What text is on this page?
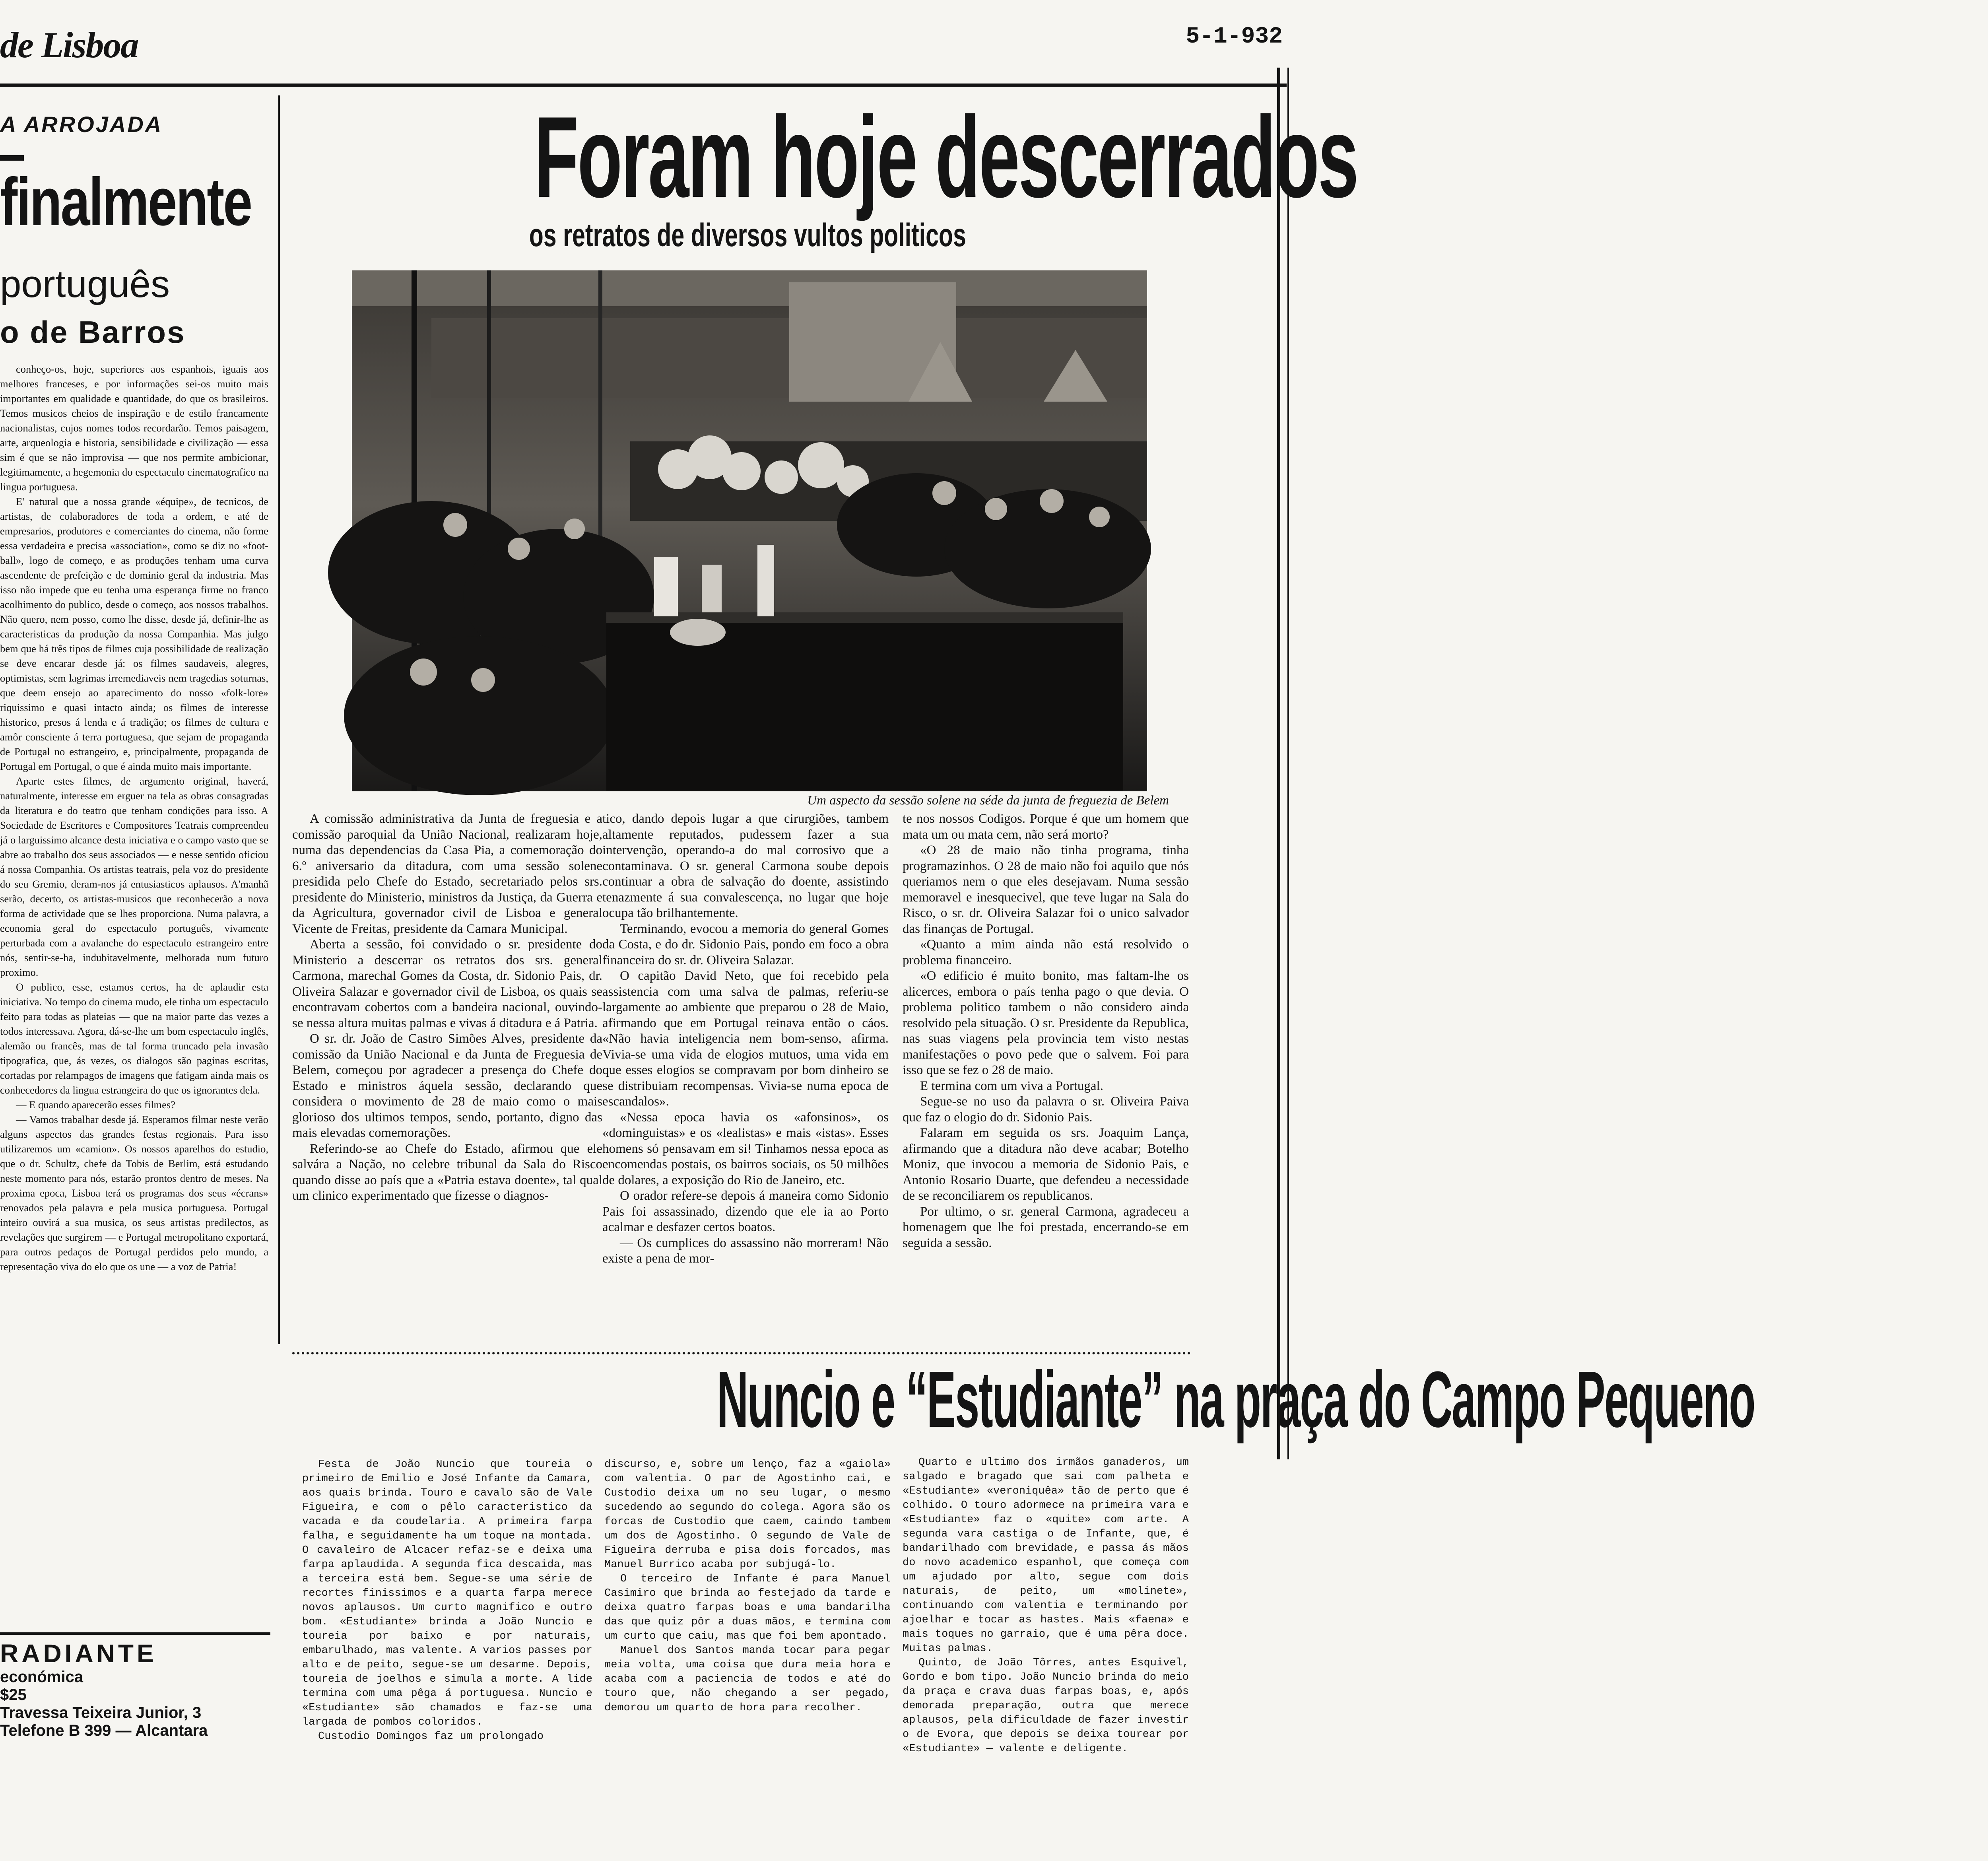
de Lisboa	5-1-932
A ARROJADA
finalmente
português
o de Barros

conheço-os, hoje, superiores aos espanhois, iguais aos melhores franceses, e por informações sei-os muito mais importantes em qualidade e quantidade, do que os brasileiros. Temos musicos cheios de inspiração e de estilo francamente nacionalistas, cujos nomes todos recordarão. Temos paisagem, arte, arqueologia e historia, sensibilidade e civilização — essa sim é que se não improvisa — que nos permite ambicionar, legitimamente, a hegemonia do espectaculo cinematografico na lingua portuguesa.

E' natural que a nossa grande «équipe», de tecnicos, de artistas, de colaboradores de toda a ordem, e até de empresarios, produtores e comerciantes do cinema, não forme essa verdadeira e precisa «association», como se diz no «foot-ball», logo de começo, e as produções tenham uma curva ascendente de prefeição e de dominio geral da industria. Mas isso não impede que eu tenha uma esperança firme no franco acolhimento do publico, desde o começo, aos nossos trabalhos. Não quero, nem posso, como lhe disse, desde já, definir-lhe as caracteristicas da produção da nossa Companhia. Mas julgo bem que há três tipos de filmes cuja possibilidade de realização se deve encarar desde já: os filmes saudaveis, alegres, optimistas, sem lagrimas irremediaveis nem tragedias soturnas, que deem ensejo ao aparecimento do nosso «folk-lore» riquissimo e quasi intacto ainda; os filmes de interesse historico, presos á lenda e á tradição; os filmes de cultura e amôr consciente á terra portuguesa, que sejam de propaganda de Portugal no estrangeiro, e, principalmente, propaganda de Portugal em Portugal, o que é ainda muito mais importante.

Aparte estes filmes, de argumento original, haverá, naturalmente, interesse em erguer na tela as obras consagradas da literatura e do teatro que tenham condições para isso. A Sociedade de Escritores e Compositores Teatrais compreendeu já o larguissimo alcance desta iniciativa e o campo vasto que se abre ao trabalho dos seus associados — e nesse sentido oficiou á nossa Companhia. Os artistas teatrais, pela voz do presidente do seu Gremio, deram-nos já entusiasticos aplausos. A'manhã serão, decerto, os artistas-musicos que reconhecerão a nova forma de actividade que se lhes proporciona. Numa palavra, a economia geral do espectaculo português, vivamente perturbada com a avalanche do espectaculo estrangeiro entre nós, sentir-se-ha, indubitavelmente, melhorada num futuro proximo.

O publico, esse, estamos certos, ha de aplaudir esta iniciativa. No tempo do cinema mudo, ele tinha um espectaculo feito para todas as plateias — que na maior parte das vezes a todos interessava. Agora, dá-se-lhe um bom espectaculo inglês, alemão ou francês, mas de tal forma truncado pela invasão tipografica, que, ás vezes, os dialogos são paginas escritas, cortadas por relampagos de imagens que fatigam ainda mais os conhecedores da lingua estrangeira do que os ignorantes dela.

— E quando aparecerão esses filmes?

— Vamos trabalhar desde já. Esperamos filmar neste verão alguns aspectos das grandes festas regionais. Para isso utilizaremos um «camion». Os nossos aparelhos do estudio, que o dr. Schultz, chefe da Tobis de Berlim, está estudando neste momento para nós, estarão prontos dentro de meses. Na proxima epoca, Lisboa terá os programas dos seus «écrans» renovados pela palavra e pela musica portuguesa. Portugal inteiro ouvirá a sua musica, os seus artistas predilectos, as revelações que surgirem — e Portugal metropolitano exportará, para outros pedaços de Portugal perdidos pelo mundo, a representação viva do elo que os une — a voz de Patria!

RADIANTE
económica
$25
Travessa Teixeira Junior, 3
Telefone B 399 — Alcantara
Foram hoje descerrados
os retratos de diversos vultos politicos
Um aspecto da sessão solene na séde da junta de freguezia de Belem

A comissão administrativa da Junta de freguesia e a comissão paroquial da União Nacional, realizaram hoje, numa das dependencias da Casa Pia, a comemoração do 6.º aniversario da ditadura, com uma sessão solene presidida pelo Chefe do Estado, secretariado pelos srs. presidente do Ministerio, ministros da Justiça, da Guerra e da Agricultura, governador civil de Lisboa e general Vicente de Freitas, presidente da Camara Municipal.

Aberta a sessão, foi convidado o sr. presidente do Ministerio a descerrar os retratos dos srs. general Carmona, marechal Gomes da Costa, dr. Sidonio Pais, dr. Oliveira Salazar e governador civil de Lisboa, os quais se encontravam cobertos com a bandeira nacional, ouvindo-se nessa altura muitas palmas e vivas á ditadura e á Patria.

O sr. dr. João de Castro Simões Alves, presidente da comissão da União Nacional e da Junta de Freguesia de Belem, começou por agradecer a presença do Chefe do Estado e ministros áquela sessão, declarando que considera o movimento de 28 de maio como o mais glorioso dos ultimos tempos, sendo, portanto, digno das mais elevadas comemorações.

Referindo-se ao Chefe do Estado, afirmou que ele salvára a Nação, no celebre tribunal da Sala do Risco quando disse ao país que a «Patria estava doente», tal qual um clinico experimentado que fizesse o diagnos-

tico, dando depois lugar a que cirurgiões, tambem altamente reputados, pudessem fazer a sua intervenção, operando-a do mal corrosivo que a contaminava. O sr. general Carmona soube depois continuar a obra de salvação do doente, assistindo tenazmente á sua convalescença, no lugar que hoje ocupa tão brilhantemente.

Terminando, evocou a memoria do general Gomes da Costa, e do dr. Sidonio Pais, pondo em foco a obra financeira do sr. dr. Oliveira Salazar.

O capitão David Neto, que foi recebido pela assistencia com uma salva de palmas, referiu-se largamente ao ambiente que preparou o 28 de Maio, afirmando que em Portugal reinava então o cáos. «Não havia inteligencia nem bom-senso, afirma. Vivia-se uma vida de elogios mutuos, uma vida em que esses elogios se compravam por bom dinheiro se se distribuiam recompensas. Vivia-se numa epoca de escandalos».

«Nessa epoca havia os «afonsinos», os «dominguistas» e os «lealistas» e mais «istas». Esses homens só pensavam em si! Tinhamos nessa epoca as encomendas postais, os bairros sociais, os 50 milhões de dolares, a exposição do Rio de Janeiro, etc.

O orador refere-se depois á maneira como Sidonio Pais foi assassinado, dizendo que ele ia ao Porto acalmar e desfazer certos boatos.

— Os cumplices do assassino não morreram! Não existe a pena de mor-

te nos nossos Codigos. Porque é que um homem que mata um ou mata cem, não será morto?

«O 28 de maio não tinha programa, tinha programazinhos. O 28 de maio não foi aquilo que nós queriamos nem o que eles desejavam. Numa sessão memoravel e inesquecivel, que teve lugar na Sala do Risco, o sr. dr. Oliveira Salazar foi o unico salvador das finanças de Portugal.

«Quanto a mim ainda não está resolvido o problema financeiro.

«O edificio é muito bonito, mas faltam-lhe os alicerces, embora o país tenha pago o que devia. O problema politico tambem o não considero ainda resolvido pela situação. O sr. Presidente da Republica, nas suas viagens pela provincia tem visto nestas manifestações o povo pede que o salvem. Foi para isso que se fez o 28 de maio.

E termina com um viva a Portugal.

Segue-se no uso da palavra o sr. Oliveira Paiva que faz o elogio do dr. Sidonio Pais.

Falaram em seguida os srs. Joaquim Lança, afirmando que a ditadura não deve acabar; Botelho Moniz, que invocou a memoria de Sidonio Pais, e Antonio Rosario Duarte, que defendeu a necessidade de se reconciliarem os republicanos.

Por ultimo, o sr. general Carmona, agradeceu a homenagem que lhe foi prestada, encerrando-se em seguida a sessão.

Nuncio e “Estudiante” na praça do Campo Pequeno

Festa de João Nuncio que toureia o primeiro de Emilio e José Infante da Camara, aos quais brinda. Touro e cavalo são de Vale Figueira, e com o pêlo caracteristico da vacada e da coudelaria. A primeira farpa falha, e seguidamente ha um toque na montada. O cavaleiro de Alcacer refaz-se e deixa uma farpa aplaudida. A segunda fica descaida, mas a terceira está bem. Segue-se uma série de recortes finissimos e a quarta farpa merece novos aplausos. Um curto magnifico e outro bom. «Estudiante» brinda a João Nuncio e toureia por baixo e por naturais, embarulhado, mas valente. A varios passes por alto e de peito, segue-se um desarme. Depois, toureia de joelhos e simula a morte. A lide termina com uma pêga á portuguesa. Nuncio e «Estudiante» são chamados e faz-se uma largada de pombos coloridos.

Custodio Domingos faz um prolongado

discurso, e, sobre um lenço, faz a «gaiola» com valentia. O par de Agostinho cai, e Custodio deixa um no seu lugar, o mesmo sucedendo ao segundo do colega. Agora são os forcas de Custodio que caem, caindo tambem um dos de Agostinho. O segundo de Vale de Figueira derruba e pisa dois forcados, mas Manuel Burrico acaba por subjugá-lo.

O terceiro de Infante é para Manuel Casimiro que brinda ao festejado da tarde e deixa quatro farpas boas e uma bandarilha das que quiz pôr a duas mãos, e termina com um curto que caiu, mas que foi bem apontado.

Manuel dos Santos manda tocar para pegar meia volta, uma coisa que dura meia hora e acaba com a paciencia de todos e até do touro que, não chegando a ser pegado, demorou um quarto de hora para recolher.

Quarto e ultimo dos irmãos ganaderos, um salgado e bragado que sai com palheta e «Estudiante» «veroniquêa» tão de perto que é colhido. O touro adormece na primeira vara e «Estudiante» faz o «quite» com arte. A segunda vara castiga o de Infante, que, é bandarilhado com brevidade, e passa ás mãos do novo academico espanhol, que começa com um ajudado por alto, segue com dois naturais, de peito, um «molinete», continuando com valentia e terminando por ajoelhar e tocar as hastes. Mais «faena» e mais toques no garraio, que é uma pêra doce. Muitas palmas.

Quinto, de João Tôrres, antes Esquivel, Gordo e bom tipo. João Nuncio brinda do meio da praça e crava duas farpas boas, e, após demorada preparação, outra que merece aplausos, pela dificuldade de fazer investir o de Evora, que depois se deixa tourear por «Estudiante» — valente e deligente.
